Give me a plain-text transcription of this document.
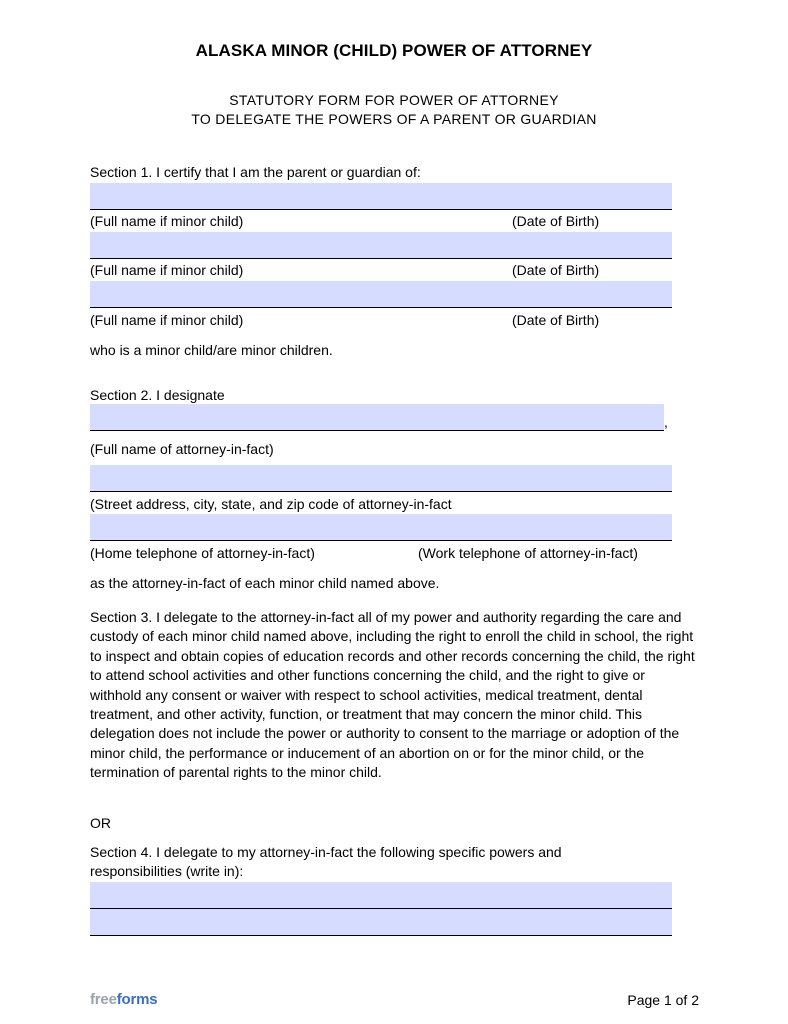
ALASKA MINOR (CHILD) POWER OF ATTORNEY
STATUTORY FORM FOR POWER OF ATTORNEY
TO DELEGATE THE POWERS OF A PARENT OR GUARDIAN
Section 1. I certify that I am the parent or guardian of:
(Full name if minor child)	(Date of Birth)
(Full name if minor child)	(Date of Birth)
(Full name if minor child)	(Date of Birth)
who is a minor child/are minor children.
Section 2. I designate
,
(Full name of attorney-in-fact)
(Street address, city, state, and zip code of attorney-in-fact
(Home telephone of attorney-in-fact)	(Work telephone of attorney-in-fact)
as the attorney-in-fact of each minor child named above.
Section 3. I delegate to the attorney-in-fact all of my power and authority regarding the care and custody of each minor child named above, including the right to enroll the child in school, the right to inspect and obtain copies of education records and other records concerning the child, the right to attend school activities and other functions concerning the child, and the right to give or withhold any consent or waiver with respect to school activities, medical treatment, dental treatment, and other activity, function, or treatment that may concern the minor child. This delegation does not include the power or authority to consent to the marriage or adoption of the minor child, the performance or inducement of an abortion on or for the minor child, or the termination of parental rights to the minor child.
OR
Section 4. I delegate to my attorney-in-fact the following specific powers and responsibilities (write in):
freeforms	Page 1 of 2
